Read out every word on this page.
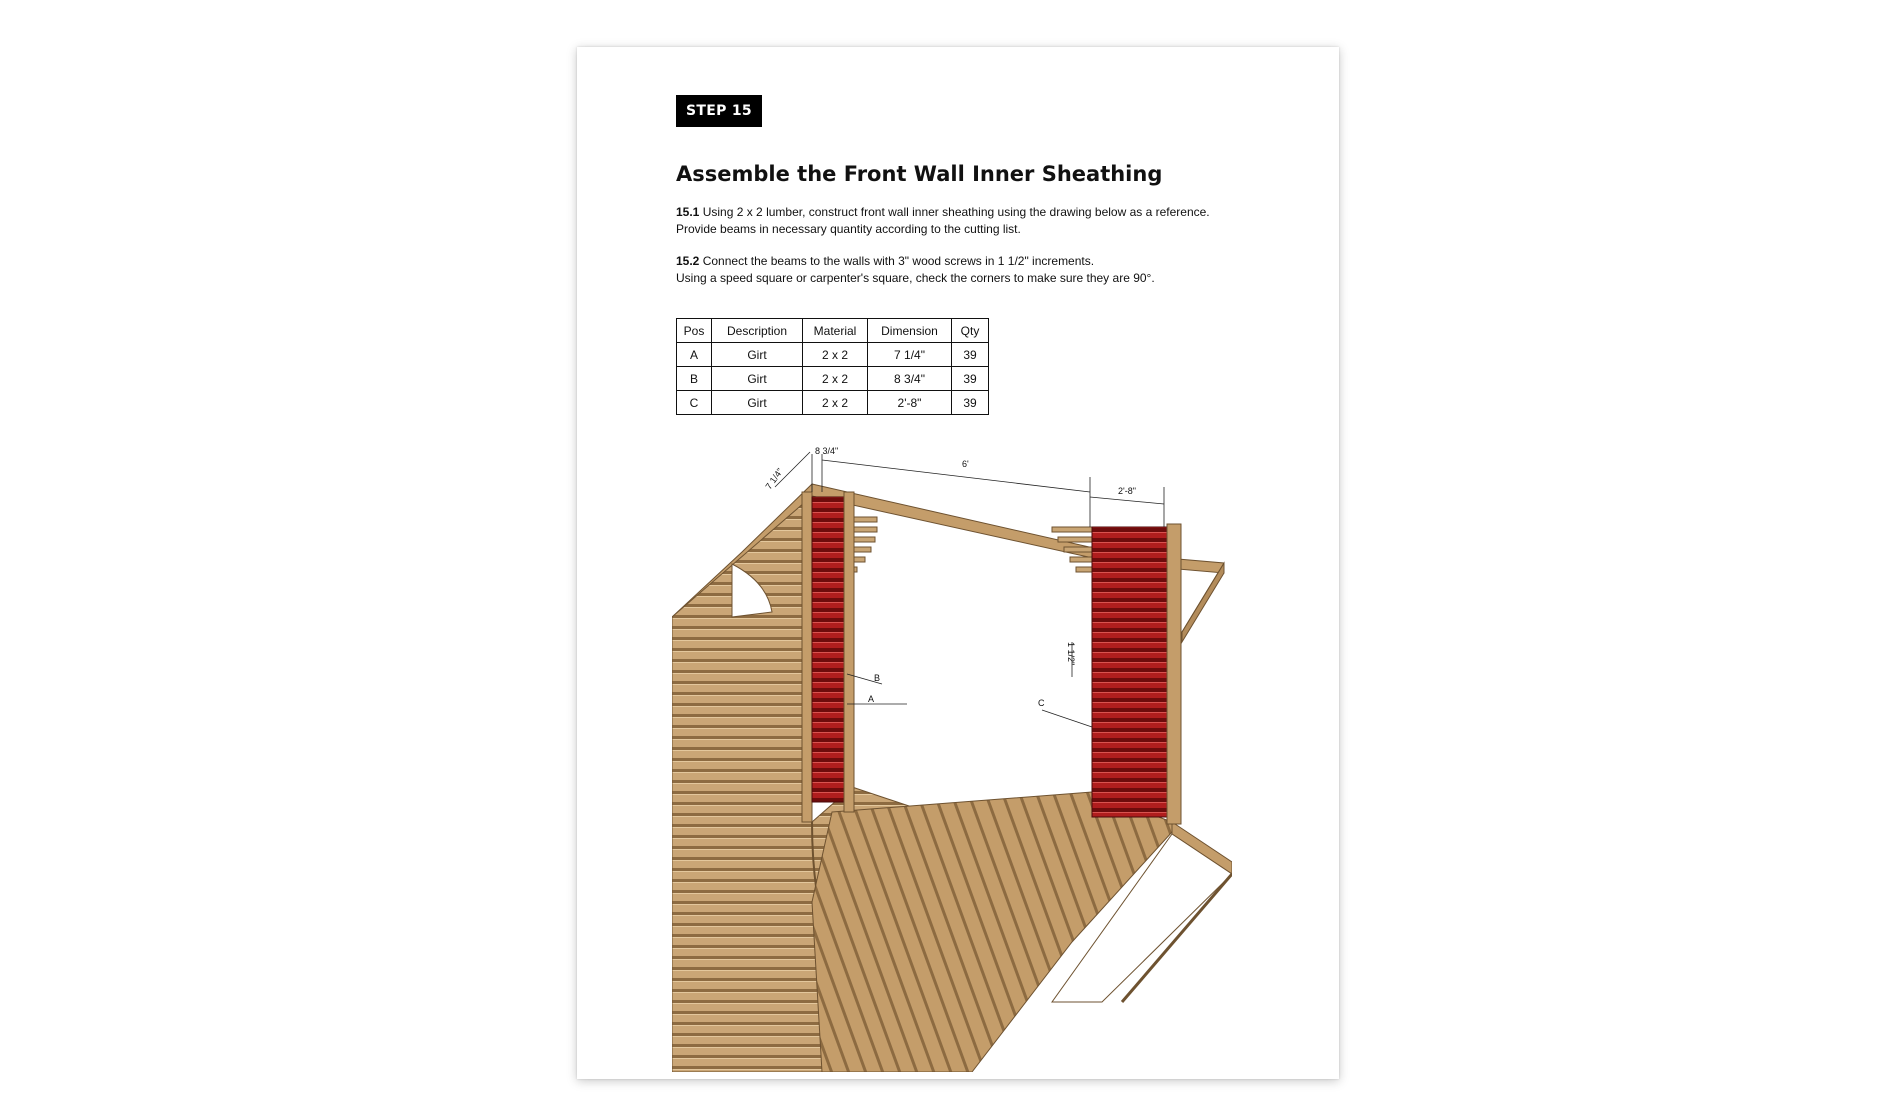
STEP 15
Assemble the Front Wall Inner Sheathing
15.1 Using 2 x 2 lumber, construct front wall inner sheathing using the drawing below as a reference.
Provide beams in necessary quantity according to the cutting list.
15.2 Connect the beams to the walls with 3" wood screws in 1 1/2" increments.
Using a speed square or carpenter's square, check the corners to make sure they are 90°.
Pos	Description	Material	Dimension	Qty
A	Girt	2 x 2	7 1/4"	39
B	Girt	2 x 2	8 3/4"	39
C	Girt	2 x 2	2'-8"	39
7 1/4"
8 3/4"
6'
2'-8"
1 1/2"
B
A	C
